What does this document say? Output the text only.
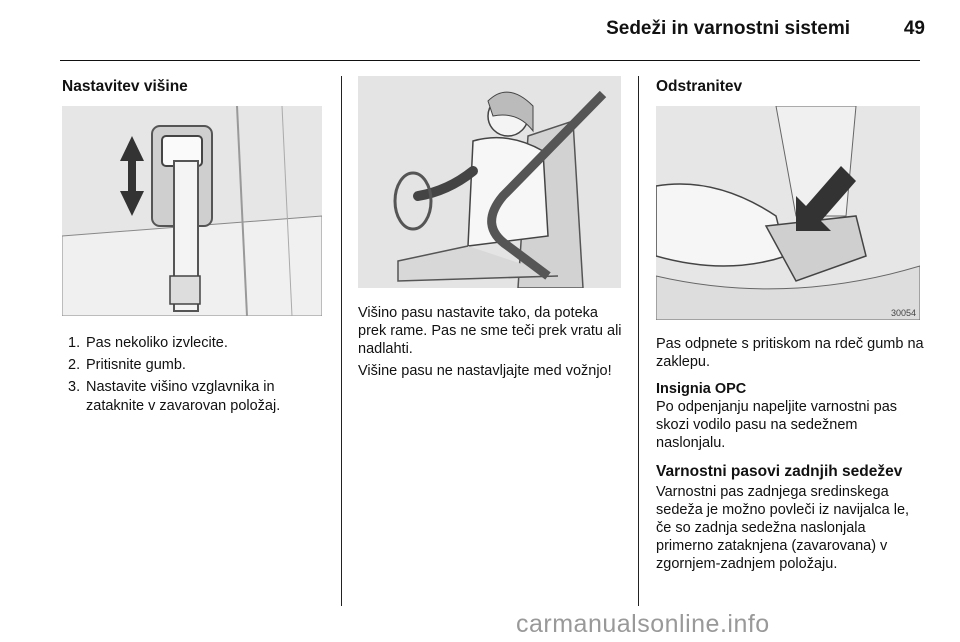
Sedeži in varnostni sistemi	49
Nastavitev višine
1. Pas nekoliko izvlecite.
2. Pritisnite gumb.
3. Nastavite višino vzglavnika in zataknite v zavarovan položaj.

Višino pasu nastavite tako, da poteka prek rame. Pas ne sme teči prek vratu ali nadlahti.

Višine pasu ne nastavljajte med vožnjo!

Odstranitev
30054

Pas odpnete s pritiskom na rdeč gumb na zaklepu.

Insignia OPC
Po odpenjanju napeljite varnostni pas skozi vodilo pasu na sedežnem naslonjalu.
Varnostni pasovi zadnjih sedežev
Varnostni pas zadnjega sredinskega sedeža je možno povleči iz navijalca le, če so zadnja sedežna naslonjala primerno zataknjena (zavarovana) v zgornjem-zadnjem položaju.
carmanualsonline.info
